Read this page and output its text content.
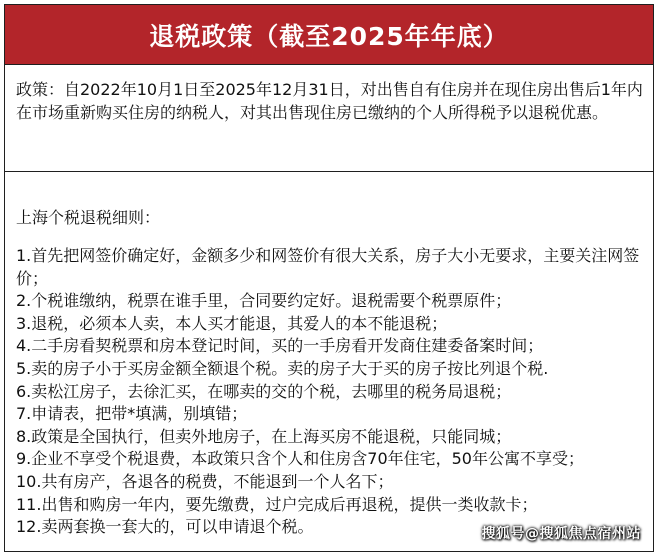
退税政策（截至2025年年底）

政策：自2022年10月1日至2025年12月31日，对出售自有住房并在现住房出售后1年内在市场重新购买住房的纳税人，对其出售现住房已缴纳的个人所得税予以退税优惠。

上海个税退税细则：
1.首先把网签价确定好，金额多少和网签价有很大关系，房子大小无要求，主要关注网签价；
2.个税谁缴纳，税票在谁手里，合同要约定好。退税需要个税票原件；
3.退税，必须本人卖，本人买才能退，其爱人的本不能退税；
4.二手房看契税票和房本登记时间，买的一手房看开发商住建委备案时间；
5.卖的房子小于买房金额全额退个税。卖的房子大于买的房子按比列退个税.
6.卖松江房子，去徐汇买，在哪卖的交的个税，去哪里的税务局退税；
7.申请表，把带*填满，别填错；
8.政策是全国执行，但卖外地房子，在上海买房不能退税，只能同城；
9.企业不享受个税退费，本政策只含个人和住房含70年住宅，50年公寓不享受；
10.共有房产，各退各的税费，不能退到一个人名下；
11.出售和购房一年内，要先缴费，过户完成后再退税，提供一类收款卡；
12.卖两套换一套大的，可以申请退个税。	搜狐号@搜狐焦点宿州站
